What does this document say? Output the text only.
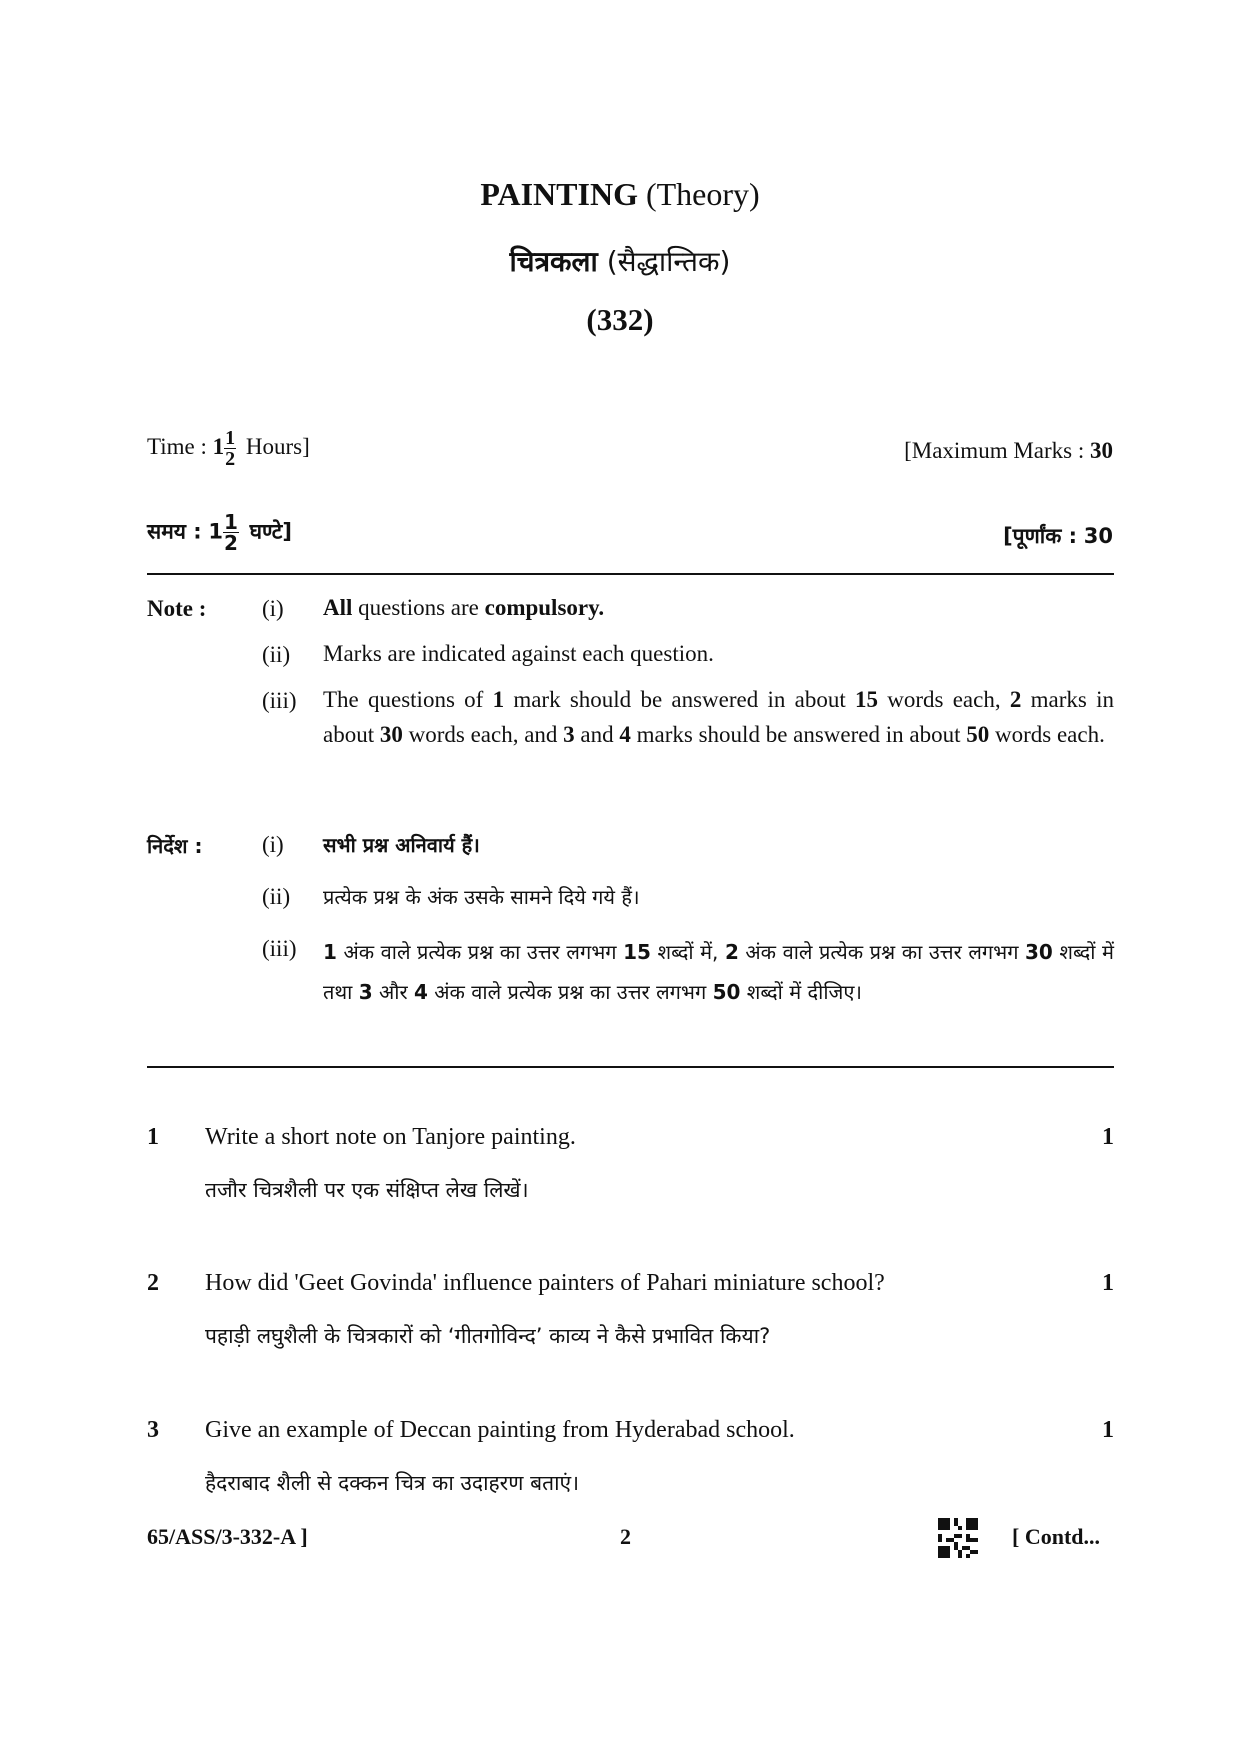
PAINTING (Theory)
चित्रकला (सैद्धान्तिक)
(332)
Time : $1 \frac{1}{2}$ Hours]	[Maximum Marks : 30
समय : $1 \frac{1}{2}$ घण्टे]	[पूर्णांक : 30
Note : (i) All questions are compulsory.
(ii) Marks are indicated against each question.
(iii) The questions of 1 mark should be answered in about 15 words each, 2 marks in about 30 words each, and 3 and 4 marks should be answered in about 50 words each.
निर्देश :	(i) सभी प्रश्न अनिवार्य हैं।
(ii) प्रत्येक प्रश्न के अंक उसके सामने दिये गये हैं।
(iii) 1 अंक वाले प्रत्येक प्रश्न का उत्तर लगभग 15 शब्दों में, 2 अंक वाले प्रत्येक प्रश्न का उत्तर लगभग 30 शब्दों में तथा 3 और 4 अंक वाले प्रत्येक प्रश्न का उत्तर लगभग 50 शब्दों में दीजिए।
1 Write a short note on Tanjore painting.	1
तजौर चित्रशैली पर एक संक्षिप्त लेख लिखें।
2 How did 'Geet Govinda' influence painters of Pahari miniature school?	1
पहाड़ी लघुशैली के चित्रकारों को ‘गीतगोविन्द’ काव्य ने कैसे प्रभावित किया?
3 Give an example of Deccan painting from Hyderabad school.	1
हैदराबाद शैली से दक्कन चित्र का उदाहरण बताएं।
65/ASS/3-332-A ]	2	[ Contd...
